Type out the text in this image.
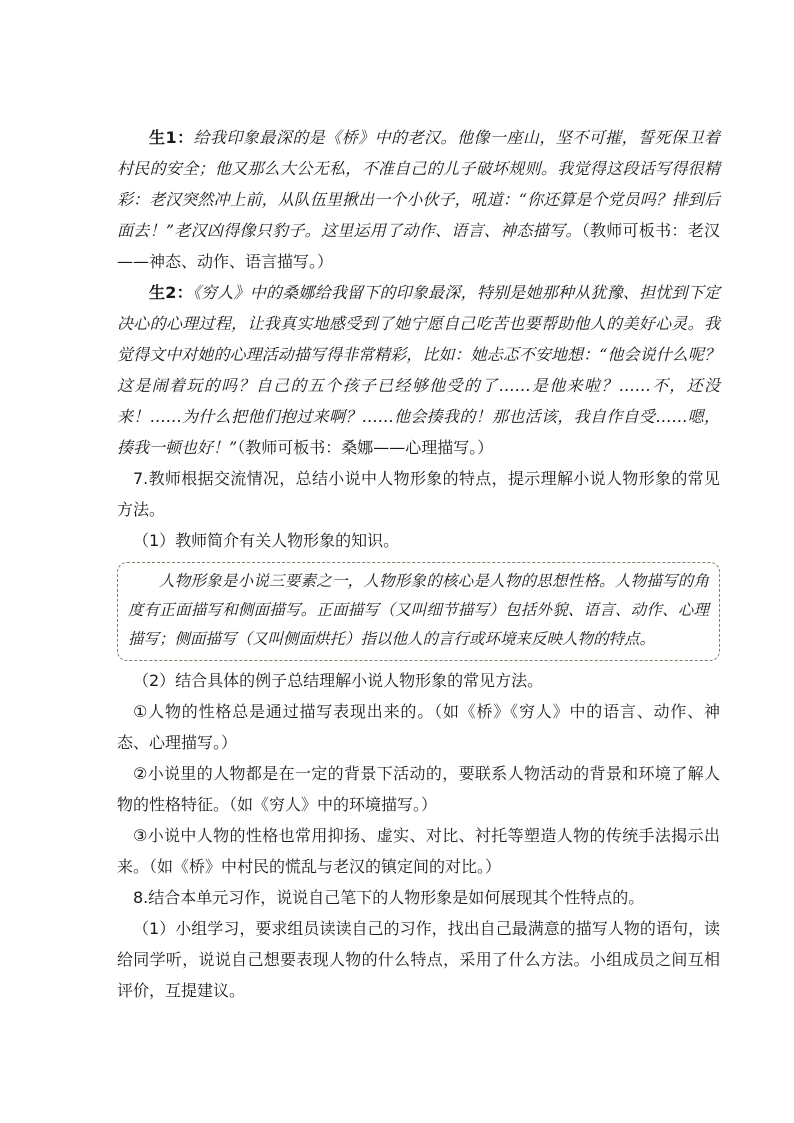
生1：给我印象最深的是《桥》中的老汉。他像一座山，坚不可摧，誓死保卫着村民的安全；他又那么大公无私，不准自己的儿子破坏规则。我觉得这段话写得很精彩：老汉突然冲上前，从队伍里揪出一个小伙子，吼道：“你还算是个党员吗？排到后面去！”老汉凶得像只豹子。这里运用了动作、语言、神态描写。（教师可板书：老汉——神态、动作、语言描写。）

生2：《穷人》中的桑娜给我留下的印象最深，特别是她那种从犹豫、担忧到下定决心的心理过程，让我真实地感受到了她宁愿自己吃苦也要帮助他人的美好心灵。我觉得文中对她的心理活动描写得非常精彩，比如：她忐忑不安地想：“他会说什么呢？这是闹着玩的吗？自己的五个孩子已经够他受的了……是他来啦？……不，还没来！……为什么把他们抱过来啊？……他会揍我的！那也活该，我自作自受……嗯，揍我一顿也好！”（教师可板书：桑娜——心理描写。）

7.教师根据交流情况，总结小说中人物形象的特点，提示理解小说人物形象的常见方法。

（1）教师简介有关人物形象的知识。

人物形象是小说三要素之一，人物形象的核心是人物的思想性格。人物描写的角度有正面描写和侧面描写。正面描写（又叫细节描写）包括外貌、语言、动作、心理描写；侧面描写（又叫侧面烘托）指以他人的言行或环境来反映人物的特点。

（2）结合具体的例子总结理解小说人物形象的常见方法。

①人物的性格总是通过描写表现出来的。（如《桥》《穷人》中的语言、动作、神态、心理描写。）

②小说里的人物都是在一定的背景下活动的，要联系人物活动的背景和环境了解人物的性格特征。（如《穷人》中的环境描写。）

③小说中人物的性格也常用抑扬、虚实、对比、衬托等塑造人物的传统手法揭示出来。（如《桥》中村民的慌乱与老汉的镇定间的对比。）

8.结合本单元习作，说说自己笔下的人物形象是如何展现其个性特点的。

（1）小组学习，要求组员读读自己的习作，找出自己最满意的描写人物的语句，读给同学听，说说自己想要表现人物的什么特点，采用了什么方法。小组成员之间互相评价，互提建议。
